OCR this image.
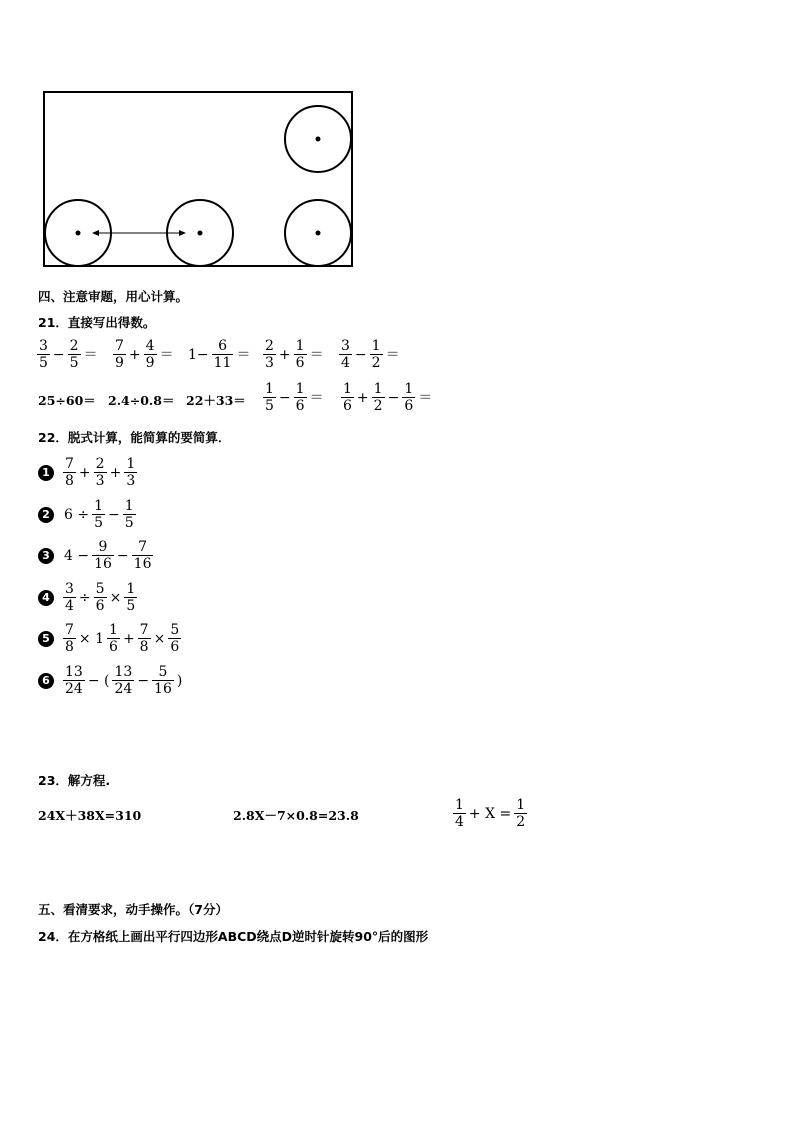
四、注意审题，用心计算。
21．直接写出得数。
$\frac{3}{5} - \frac{2}{5} = \frac{7}{9} + \frac{4}{9} = 1- \frac{6}{11} = \frac{2}{3} + \frac{1}{6} = \frac{3}{4} - \frac{1}{2}$ ＝
$25\div 60= 2.4\div 0.8= 22+33= \frac{1}{5} - \frac{1}{6} = \frac{1}{6} + \frac{1}{2} - \frac{1}{6}$ ＝
22．脱式计算，能简算的要简算．
$1 \frac{7}{8} + \frac{2}{3} + \frac{1}{3}$
2 $6 \div \frac{1}{5} - \frac{1}{5}$
3 $4 - \frac{9}{16} - \frac{7}{16}$
$4 \frac{3}{4} \div \frac{5}{6} \times \frac{1}{5}$
$5 \frac{7}{8} \times 1 \frac{1}{6} + \frac{7}{8} \times \frac{5}{6}$
$6 \frac{13}{24}$ − ( $\frac{13}{24} - \frac{5}{16}$ )
23．解方程.
24X＋38X=310	2.8X－7×0.8=23.8	$\frac{1}{4} + X = \frac{1}{2}$
五、看清要求，动手操作。（7分）
24．在方格纸上画出平行四边形ABCD绕点D逆时针旋转90°后的图形
